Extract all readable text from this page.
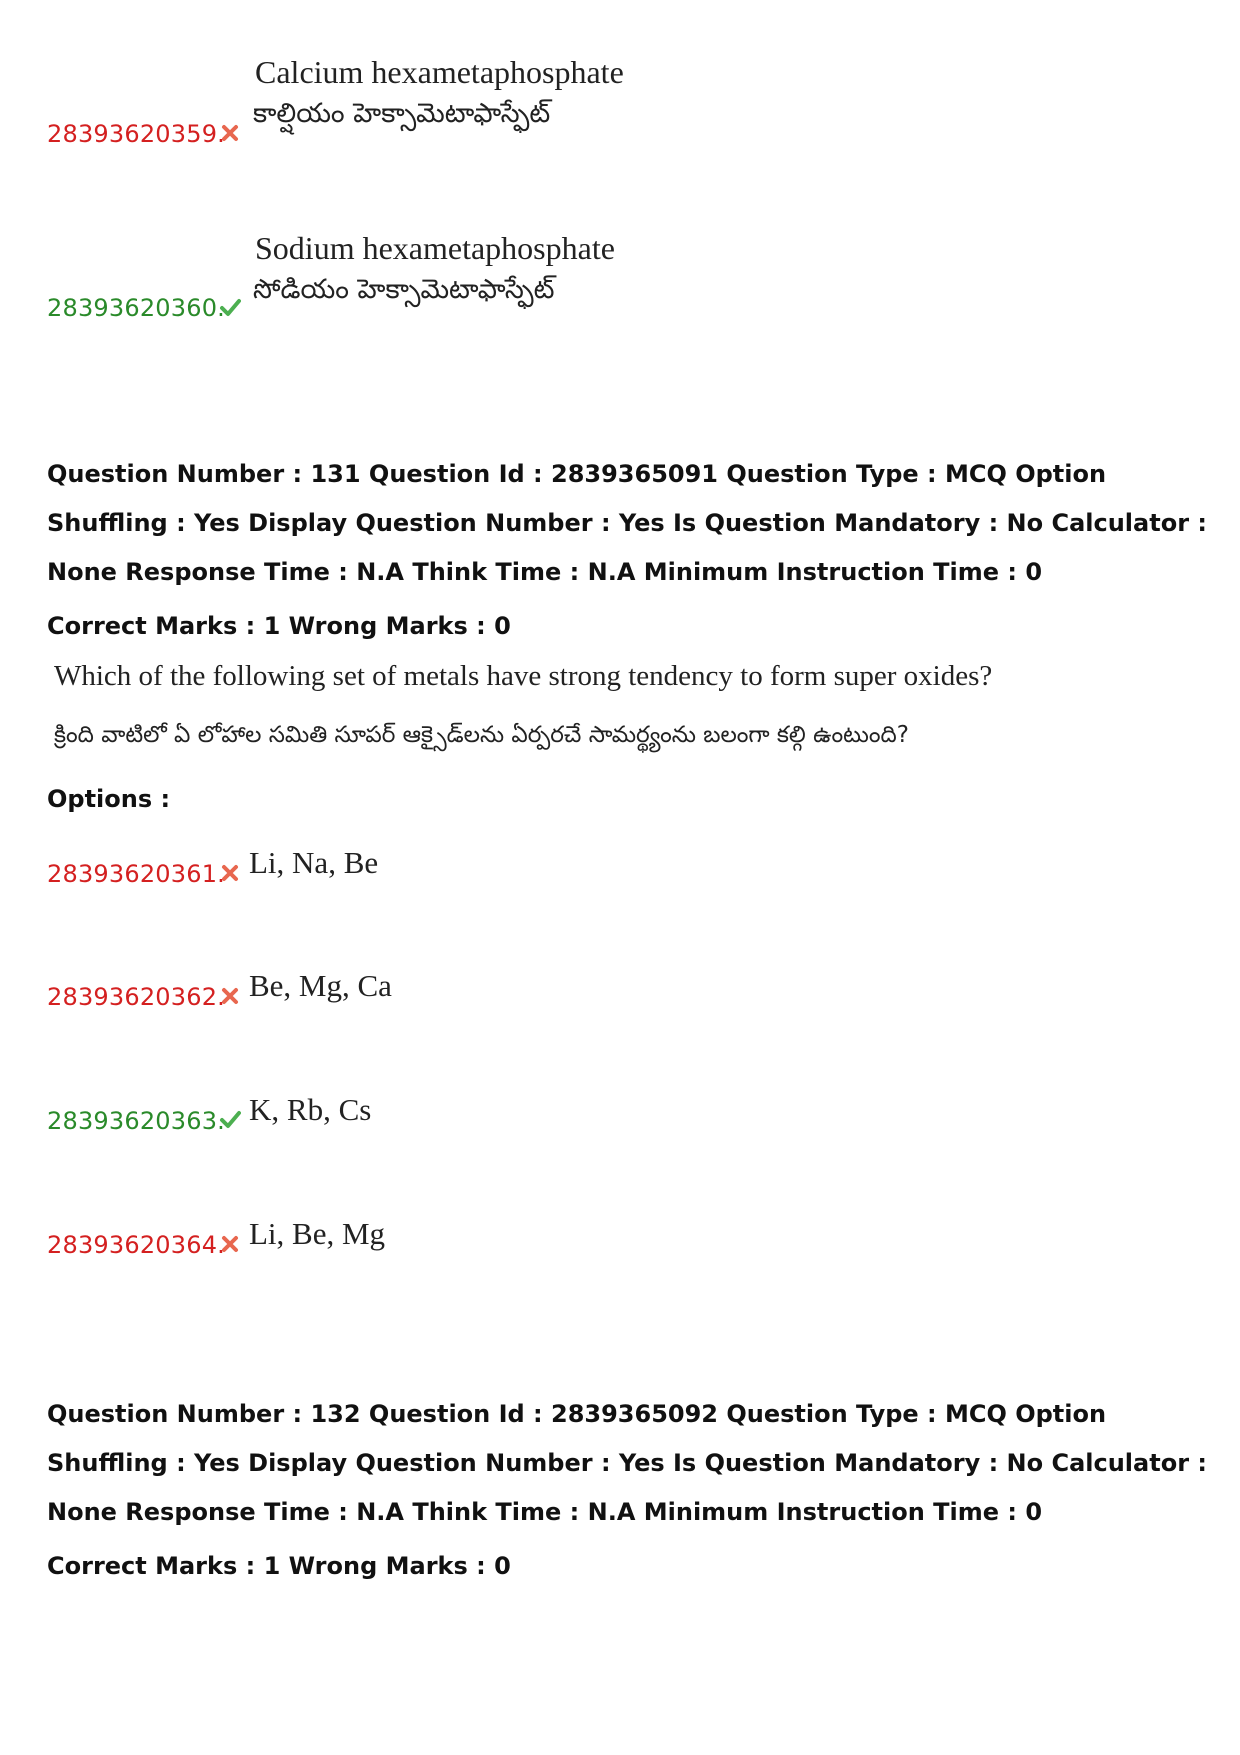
28393620359.
Calcium hexametaphosphate
కాల్షియం హెక్సామెటాఫాస్ఫేట్
28393620360.
Sodium hexametaphosphate
సోడియం హెక్సామెటాఫాస్ఫేట్
Question Number : 131 Question Id : 2839365091 Question Type : MCQ Option Shuffling : Yes Display Question Number : Yes Is Question Mandatory : No Calculator : None Response Time : N.A Think Time : N.A Minimum Instruction Time : 0
Correct Marks : 1 Wrong Marks : 0
Which of the following set of metals have strong tendency to form super oxides?
క్రింది వాటిలో ఏ లోహాల సమితి సూపర్ ఆక్సైడ్‌లను ఏర్పరచే సామర్థ్యంను బలంగా కల్గి ఉంటుంది?
Options :
28393620361. Li, Na, Be
28393620362. Be, Mg, Ca
28393620363. K, Rb, Cs
28393620364. Li, Be, Mg
Question Number : 132 Question Id : 2839365092 Question Type : MCQ Option Shuffling : Yes Display Question Number : Yes Is Question Mandatory : No Calculator : None Response Time : N.A Think Time : N.A Minimum Instruction Time : 0
Correct Marks : 1 Wrong Marks : 0
